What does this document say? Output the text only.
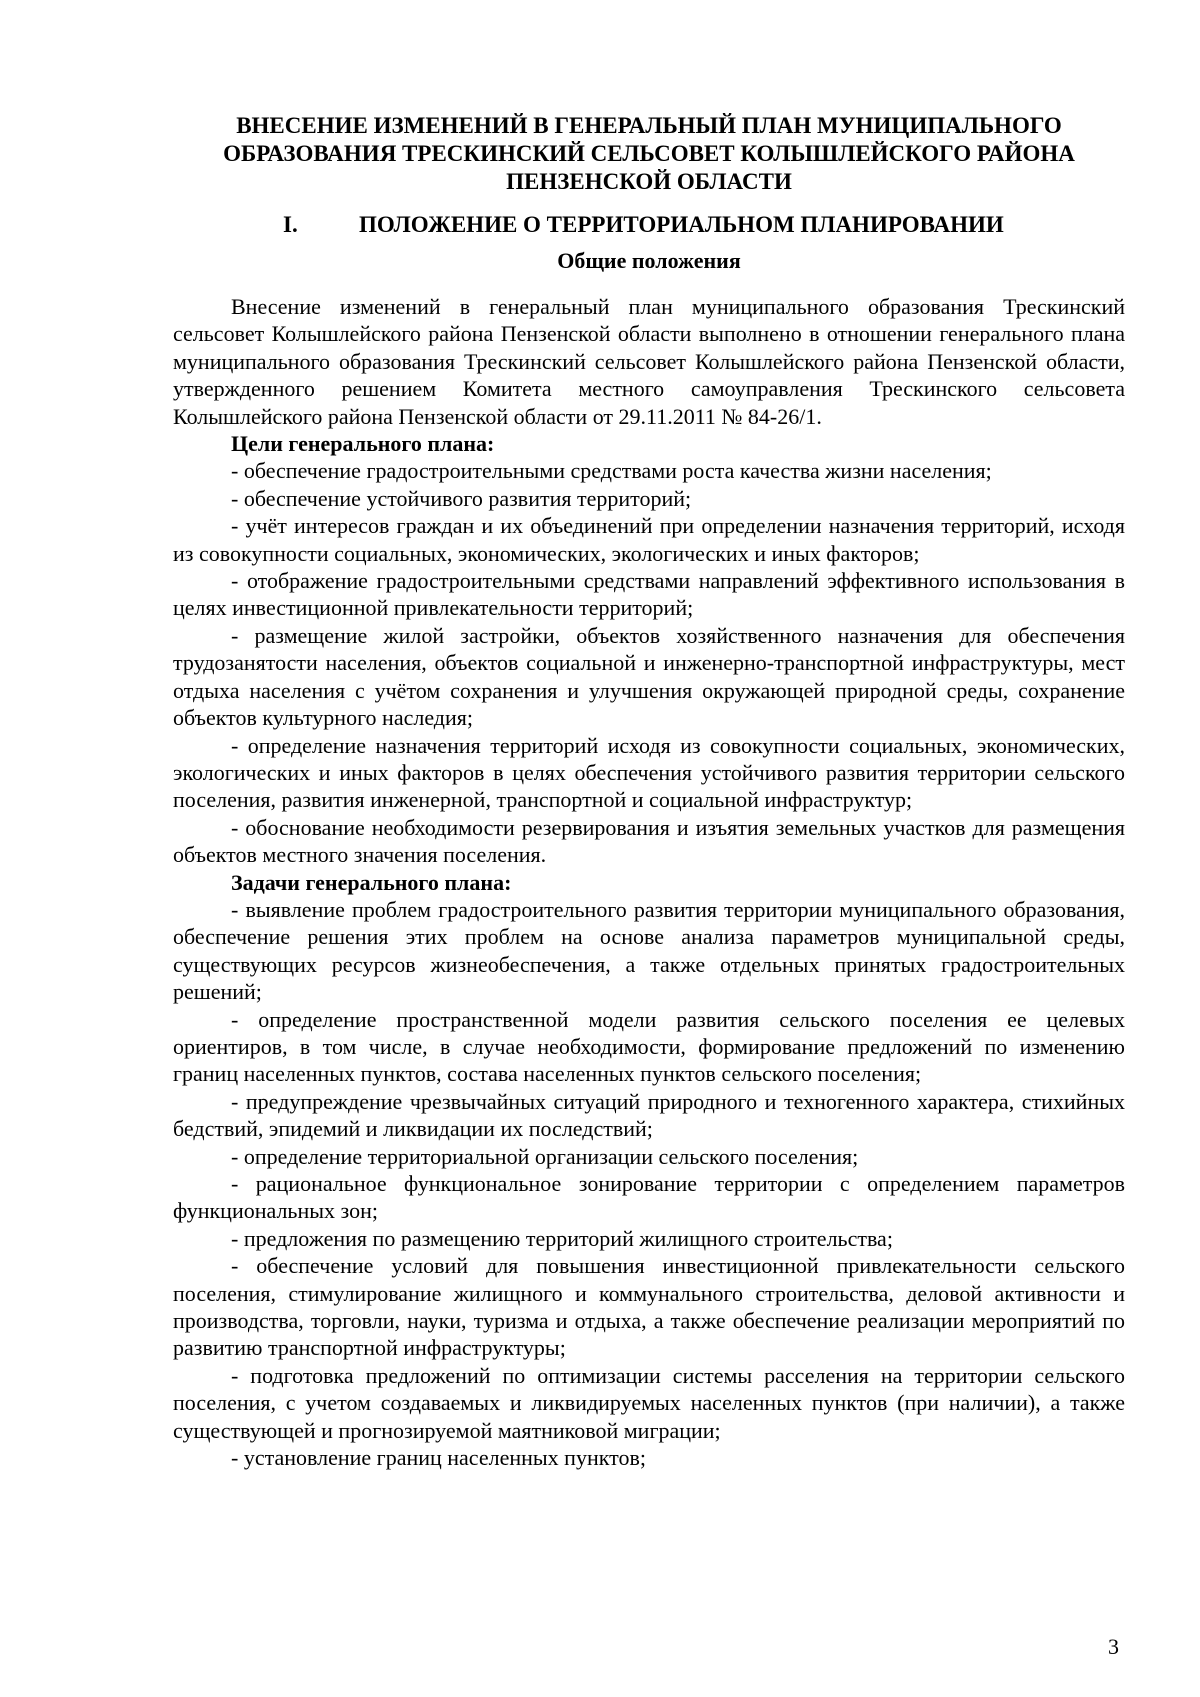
ВНЕСЕНИЕ ИЗМЕНЕНИЙ В ГЕНЕРАЛЬНЫЙ ПЛАН МУНИЦИПАЛЬНОГО
ОБРАЗОВАНИЯ ТРЕСКИНСКИЙ СЕЛЬСОВЕТ КОЛЫШЛЕЙСКОГО РАЙОНА
ПЕНЗЕНСКОЙ ОБЛАСТИ
I.	ПОЛОЖЕНИЕ О ТЕРРИТОРИАЛЬНОМ ПЛАНИРОВАНИИ
Общие положения

Внесение изменений в генеральный план муниципального образования Трескинский сельсовет Колышлейского района Пензенской области выполнено в отношении генерального плана муниципального образования Трескинский сельсовет Колышлейского района Пензенской области, утвержденного решением Комитета местного самоуправления Трескинского сельсовета Колышлейского района Пензенской области от 29.11.2011 № 84-26/1.

Цели генерального плана:

- обеспечение градостроительными средствами роста качества жизни населения;

- обеспечение устойчивого развития территорий;

- учёт интересов граждан и их объединений при определении назначения территорий, исходя из совокупности социальных, экономических, экологических и иных факторов;

- отображение градостроительными средствами направлений эффективного использования в целях инвестиционной привлекательности территорий;

- размещение жилой застройки, объектов хозяйственного назначения для обеспечения трудозанятости населения, объектов социальной и инженерно-транспортной инфраструктуры, мест отдыха населения с учётом сохранения и улучшения окружающей природной среды, сохранение объектов культурного наследия;

- определение назначения территорий исходя из совокупности социальных, экономических, экологических и иных факторов в целях обеспечения устойчивого развития территории сельского поселения, развития инженерной, транспортной и социальной инфраструктур;

- обоснование необходимости резервирования и изъятия земельных участков для размещения объектов местного значения поселения.

Задачи генерального плана:

- выявление проблем градостроительного развития территории муниципального образования, обеспечение решения этих проблем на основе анализа параметров муниципальной среды, существующих ресурсов жизнеобеспечения, а также отдельных принятых градостроительных решений;

- определение пространственной модели развития сельского поселения ее целевых ориентиров, в том числе, в случае необходимости, формирование предложений по изменению границ населенных пунктов, состава населенных пунктов сельского поселения;

- предупреждение чрезвычайных ситуаций природного и техногенного характера, стихийных бедствий, эпидемий и ликвидации их последствий;

- определение территориальной организации сельского поселения;

- рациональное функциональное зонирование территории с определением параметров функциональных зон;

- предложения по размещению территорий жилищного строительства;

- обеспечение условий для повышения инвестиционной привлекательности сельского поселения, стимулирование жилищного и коммунального строительства, деловой активности и производства, торговли, науки, туризма и отдыха, а также обеспечение реализации мероприятий по развитию транспортной инфраструктуры;

- подготовка предложений по оптимизации системы расселения на территории сельского поселения, с учетом создаваемых и ликвидируемых населенных пунктов (при наличии), а также существующей и прогнозируемой маятниковой миграции;

- установление границ населенных пунктов;

3
